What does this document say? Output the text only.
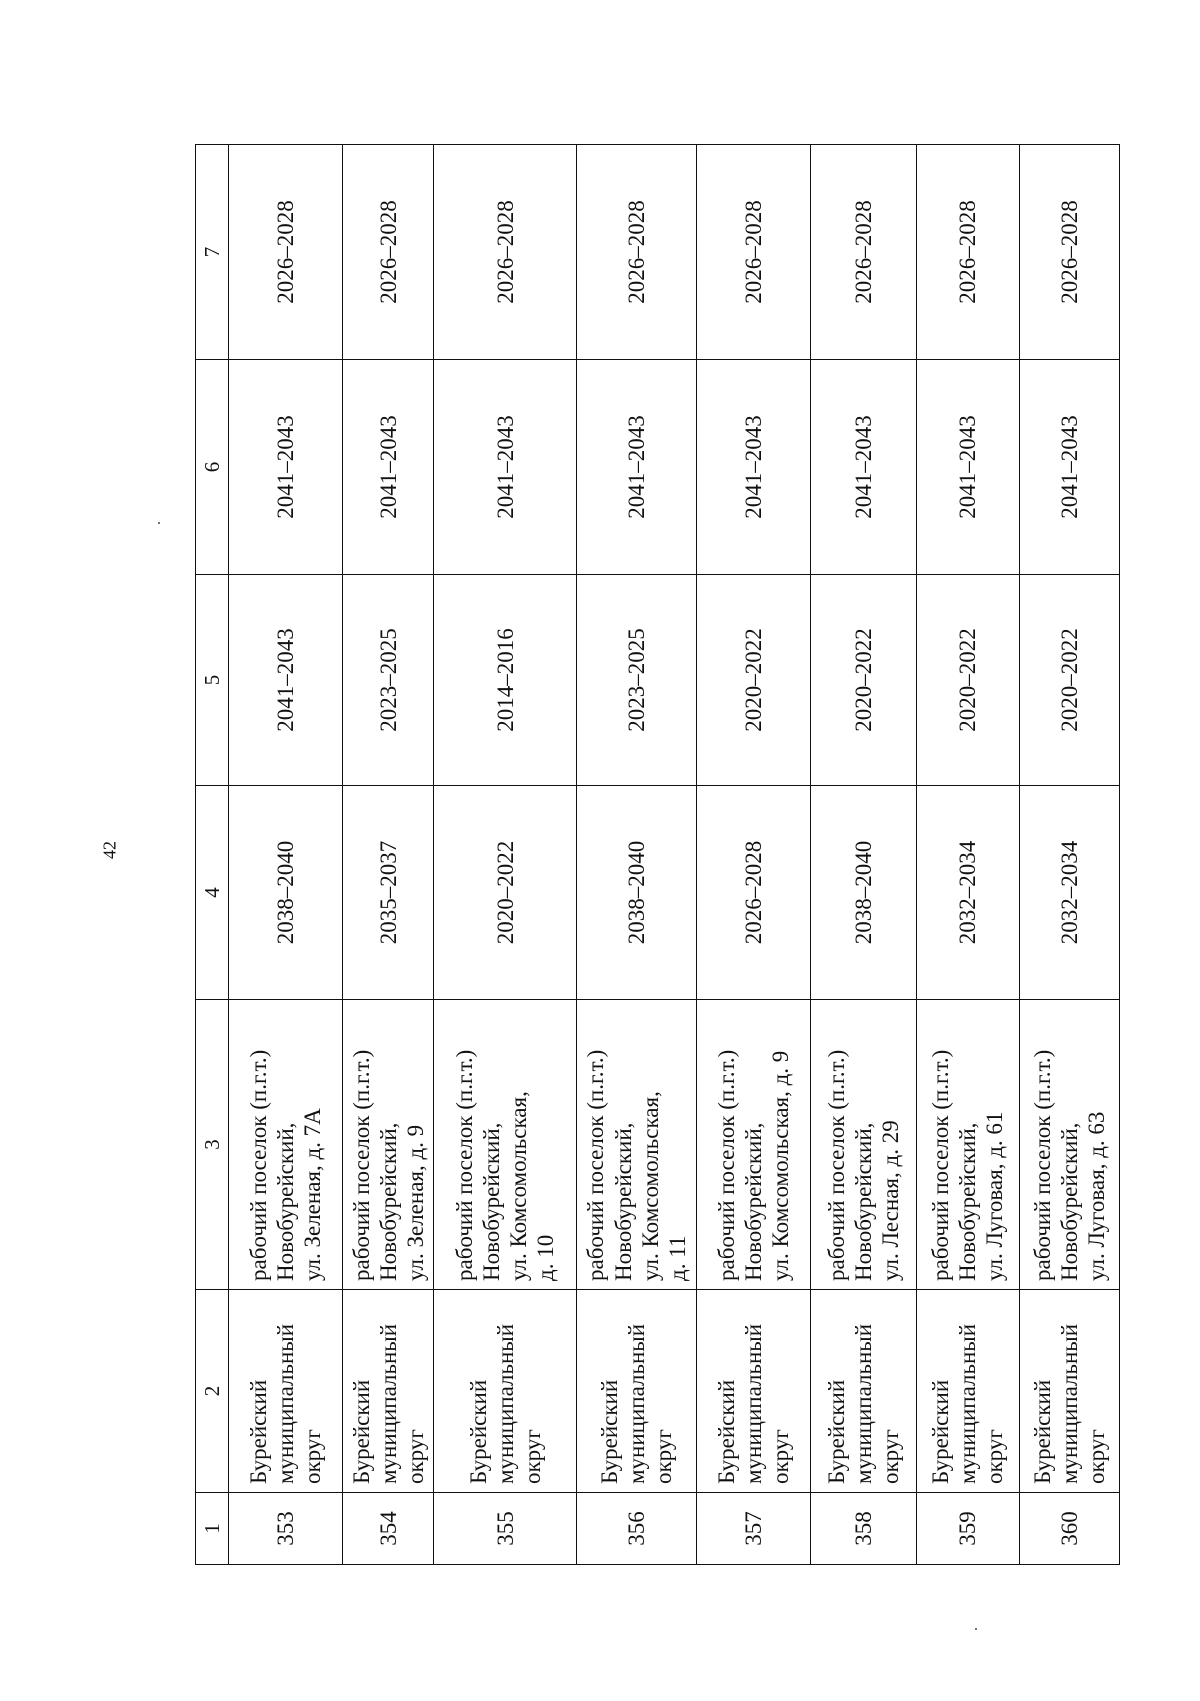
42
1	2	3	4	5	6	7
353	Бурейский муниципальный округ	рабочий поселок (п.г.т.) Новобурейский, ул. Зеленая, д. 7А	2038–2040	2041–2043	2041–2043	2026–2028
354	Бурейский муниципальный округ	рабочий поселок (п.г.т.) Новобурейский, ул. Зеленая, д. 9	2035–2037	2023–2025	2041–2043	2026–2028
355	Бурейский муниципальный округ	рабочий поселок (п.г.т.) Новобурейский, ул. Комсомольская, д. 10	2020–2022	2014–2016	2041–2043	2026–2028
356	Бурейский муниципальный округ	рабочий поселок (п.г.т.) Новобурейский, ул. Комсомольская, д. 11	2038–2040	2023–2025	2041–2043	2026–2028
357	Бурейский муниципальный округ	рабочий поселок (п.г.т.) Новобурейский, ул. Комсомольская, д. 9	2026–2028	2020–2022	2041–2043	2026–2028
358	Бурейский муниципальный округ	рабочий поселок (п.г.т.) Новобурейский, ул. Лесная, д. 29	2038–2040	2020–2022	2041–2043	2026–2028
359	Бурейский муниципальный округ	рабочий поселок (п.г.т.) Новобурейский, ул. Луговая, д. 61	2032–2034	2020–2022	2041–2043	2026–2028
360	Бурейский муниципальный округ	рабочий поселок (п.г.т.) Новобурейский, ул. Луговая, д. 63	2032–2034	2020–2022	2041–2043	2026–2028
